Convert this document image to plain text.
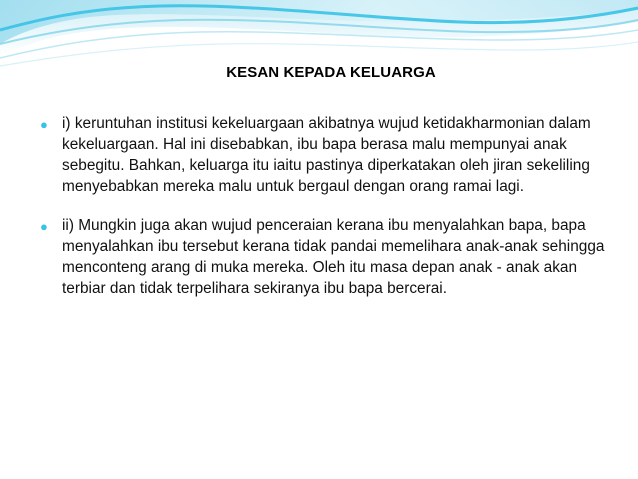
KESAN KEPADA KELUARGA
● i) keruntuhan institusi kekeluargaan akibatnya wujud ketidakharmonian dalam kekeluargaan. Hal ini disebabkan, ibu bapa berasa malu mempunyai anak sebegitu. Bahkan, keluarga itu iaitu pastinya diperkatakan oleh jiran sekeliling menyebabkan mereka malu untuk bergaul dengan orang ramai lagi.
● ii) Mungkin juga akan wujud penceraian kerana ibu menyalahkan bapa, bapa menyalahkan ibu tersebut kerana tidak pandai memelihara anak-anak sehingga menconteng arang di muka mereka. Oleh itu masa depan anak - anak akan terbiar dan tidak terpelihara sekiranya ibu bapa bercerai.
